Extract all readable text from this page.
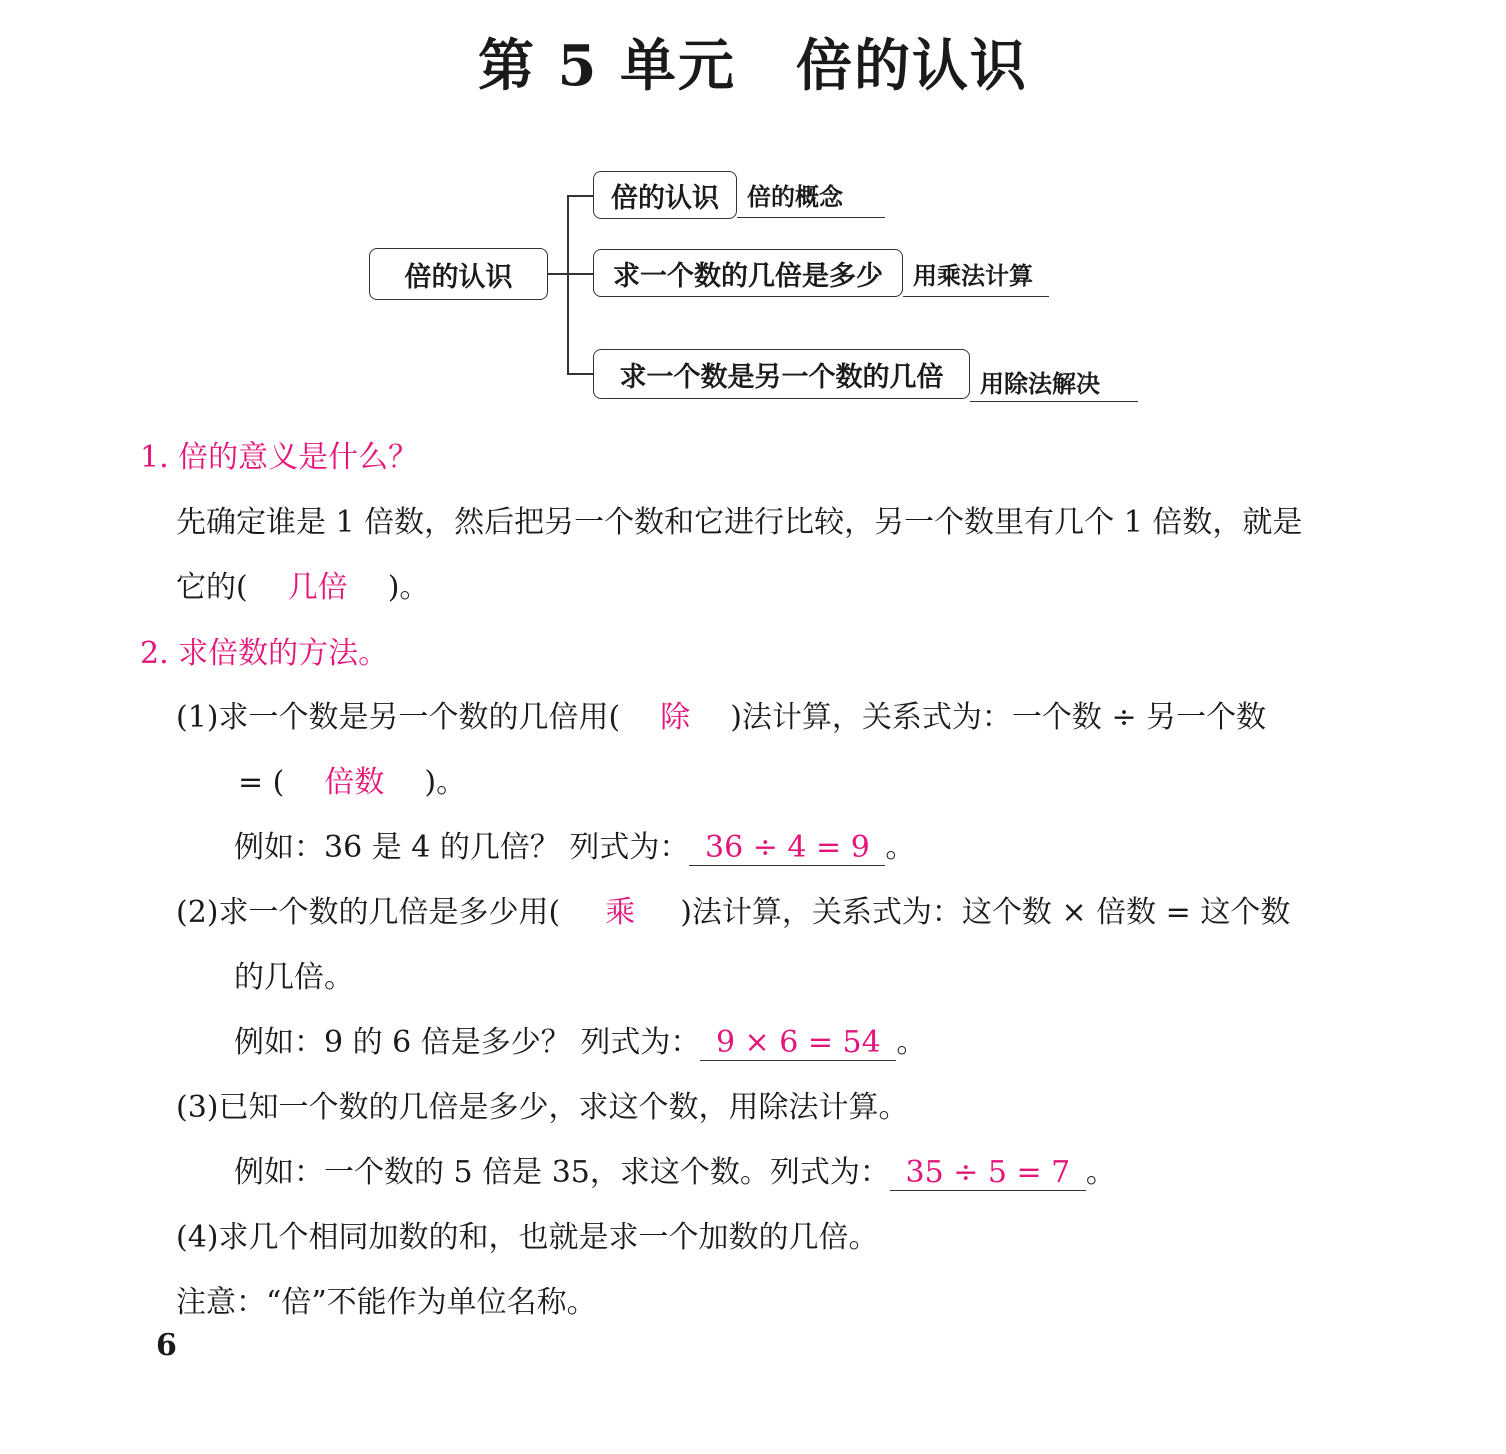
第 5 单元 倍的认识
倍的认识
倍的认识	倍的概念
求一个数的几倍是多少	用乘法计算
求一个数是另一个数的几倍	用除法解决
1. 倍的意义是什么？
先确定谁是 1 倍数，然后把另一个数和它进行比较，另一个数里有几个 1 倍数，就是
它的( 几倍 )。
2. 求倍数的方法。
(1)求一个数是另一个数的几倍用( 除 )法计算，关系式为：一个数 ÷ 另一个数
= ( 倍数 )。
例如：36 是 4 的几倍？ 列式为： 36 ÷ 4 = 9 。
(2)求一个数的几倍是多少用( 乘 )法计算，关系式为：这个数 × 倍数 = 这个数
的几倍。
例如：9 的 6 倍是多少？ 列式为： 9 × 6 = 54 。
(3)已知一个数的几倍是多少，求这个数，用除法计算。
例如：一个数的 5 倍是 35，求这个数。列式为： 35 ÷ 5 = 7 。
(4)求几个相同加数的和，也就是求一个加数的几倍。
注意：“倍”不能作为单位名称。
6
